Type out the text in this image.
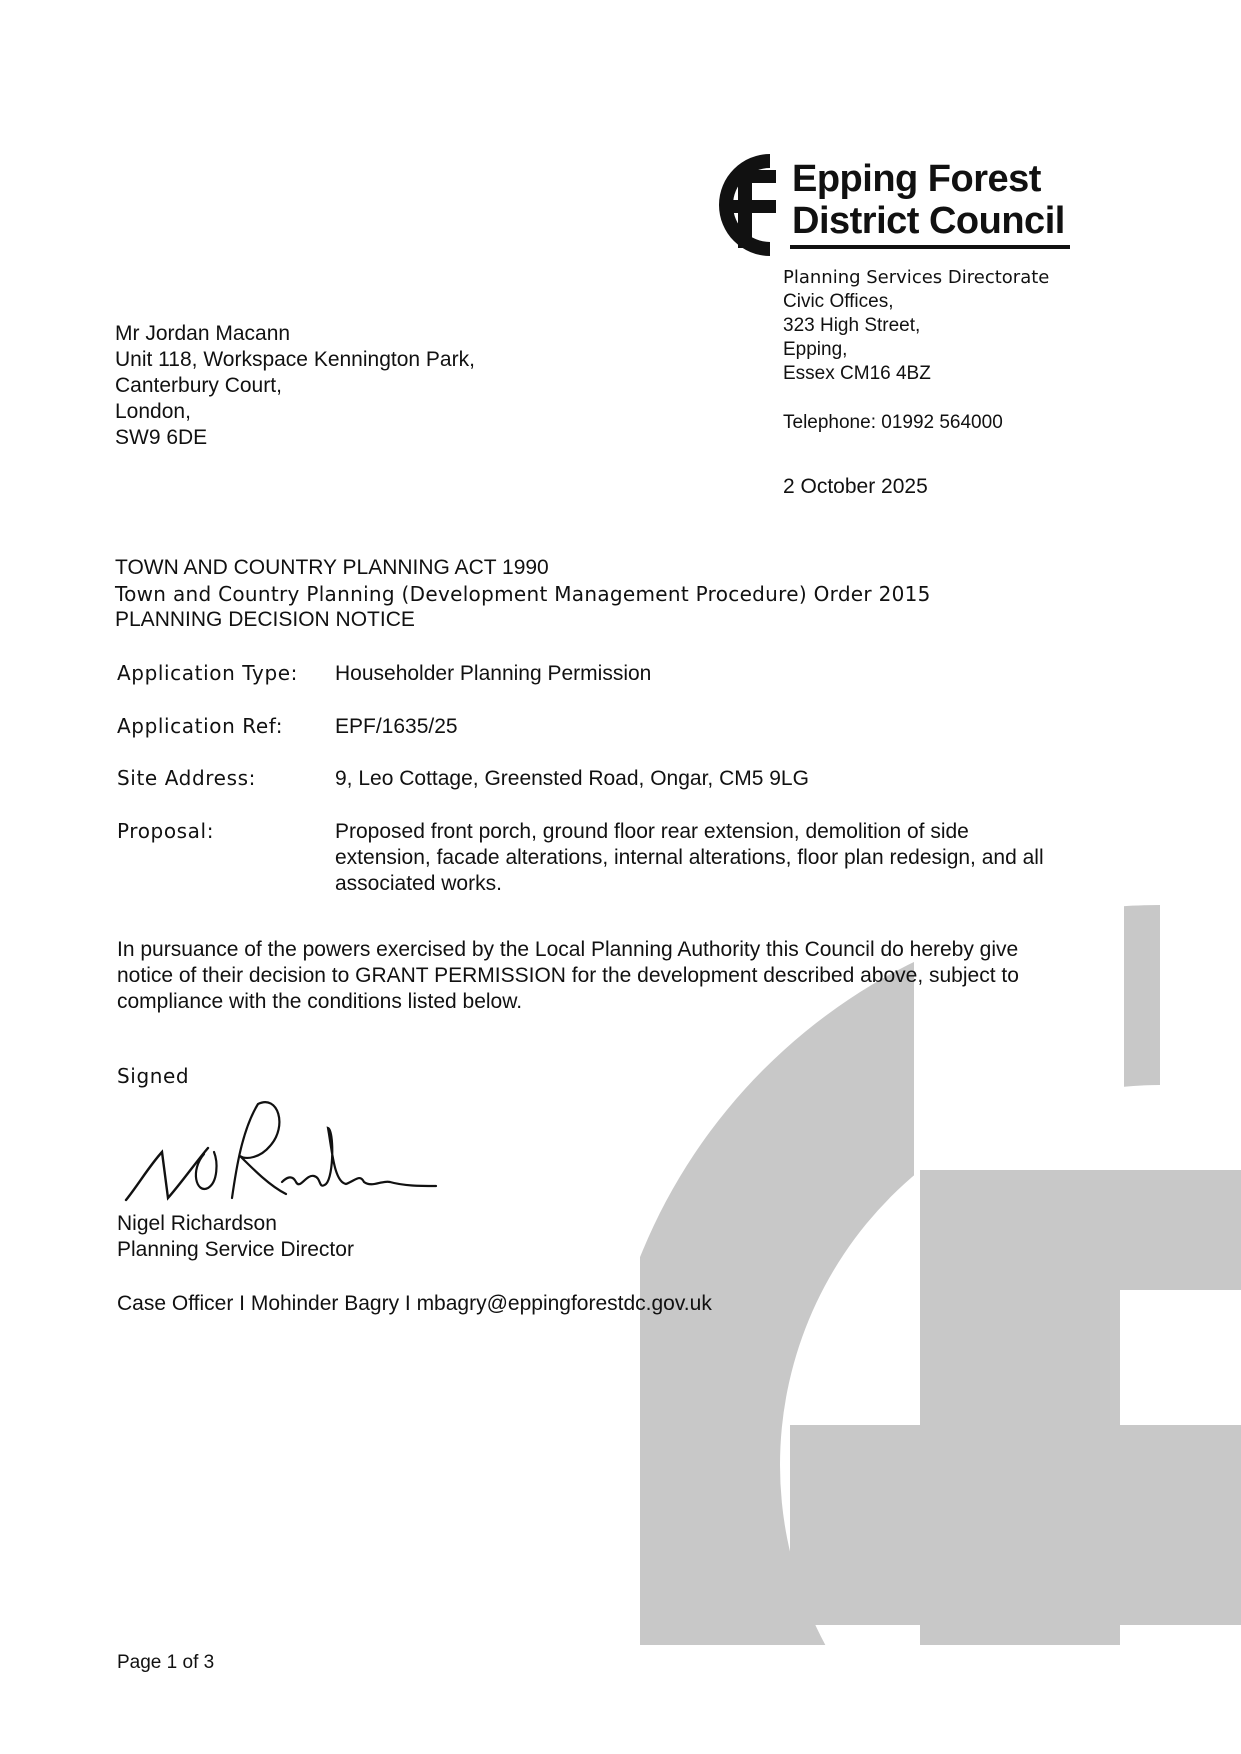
Epping Forest
District Council
Planning Services Directorate
Civic Offices,
323 High Street,
Epping,
Essex CM16 4BZ
Telephone: 01992 564000
2 October 2025
Mr Jordan Macann
Unit 118, Workspace Kennington Park,
Canterbury Court,
London,
SW9 6DE
TOWN AND COUNTRY PLANNING ACT 1990
Town and Country Planning (Development Management Procedure) Order 2015
PLANNING DECISION NOTICE
Application Type: Householder Planning Permission
Application Ref: EPF/1635/25
Site Address:	9, Leo Cottage, Greensted Road, Ongar, CM5 9LG
Proposal:	Proposed front porch, ground floor rear extension, demolition of side
extension, facade alterations, internal alterations, floor plan redesign, and all
associated works.
In pursuance of the powers exercised by the Local Planning Authority this Council do hereby give
notice of their decision to GRANT PERMISSION for the development described above, subject to
compliance with the conditions listed below.
Signed
Nigel Richardson
Planning Service Director
Case Officer I Mohinder Bagry I mbagry@eppingforestdc.gov.uk
Page 1 of 3
